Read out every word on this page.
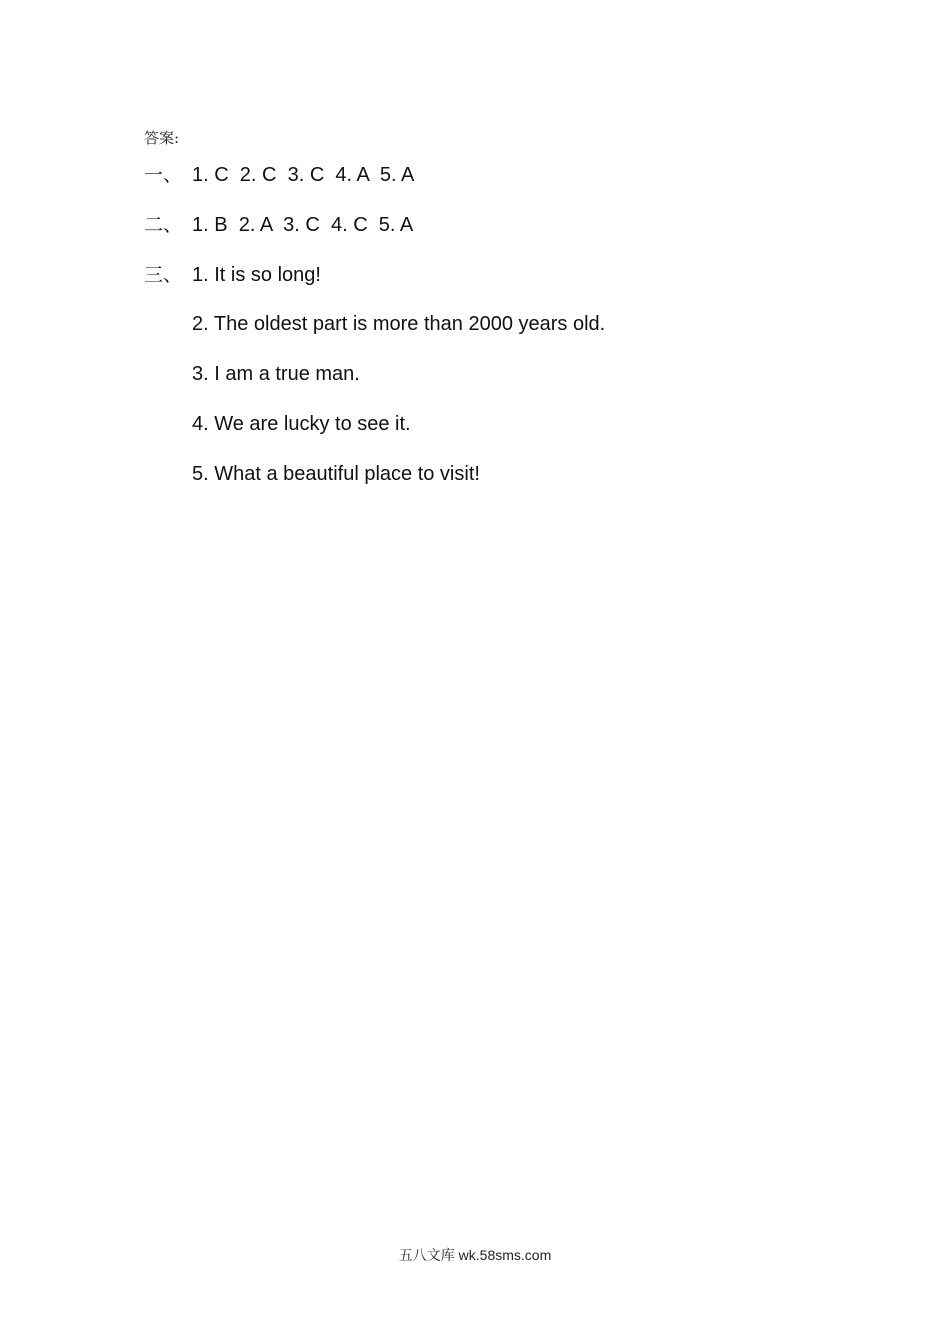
答案:
一、 1. C  2. C  3. C  4. A  5. A
二、 1. B  2. A  3. C  4. C  5. A
三、 1. It is so long!
2. The oldest part is more than 2000 years old.
3. I am a true man.
4. We are lucky to see it.
5. What a beautiful place to visit!
五八文库 wk.58sms.com
